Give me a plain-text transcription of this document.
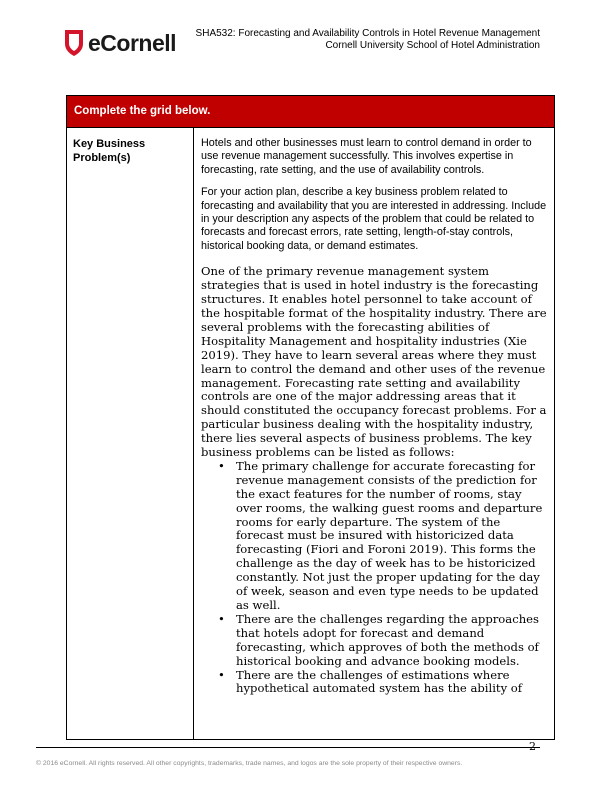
eCornell SHA532: Forecasting and Availability Controls in Hotel Revenue Management
Cornell University School of Hotel Administration
Complete the grid below.
Key Business Problem(s)

Hotels and other businesses must learn to control demand in order to use revenue management successfully. This involves expertise in forecasting, rate setting, and the use of availability controls.

For your action plan, describe a key business problem related to forecasting and availability that you are interested in addressing. Include in your description any aspects of the problem that could be related to forecasts and forecast errors, rate setting, length-of-stay controls, historical booking data, or demand estimates.

One of the primary revenue management system strategies that is used in hotel industry is the forecasting structures. It enables hotel personnel to take account of the hospitable format of the hospitality industry. There are several problems with the forecasting abilities of Hospitality Management and hospitality industries (Xie 2019). They have to learn several areas where they must learn to control the demand and other uses of the revenue management. Forecasting rate setting and availability controls are one of the major addressing areas that it should constituted the occupancy forecast problems. For a particular business dealing with the hospitality industry, there lies several aspects of business problems. The key business problems can be listed as follows:

• The primary challenge for accurate forecasting for revenue management consists of the prediction for the exact features for the number of rooms, stay over rooms, the walking guest rooms and departure rooms for early departure. The system of the forecast must be insured with historicized data forecasting (Fiori and Foroni 2019). This forms the challenge as the day of week has to be historicized constantly. Not just the proper updating for the day of week, season and even type needs to be updated as well.
• There are the challenges regarding the approaches that hotels adopt for forecast and demand forecasting, which approves of both the methods of historical booking and advance booking models.
• There are the challenges of estimations where hypothetical automated system has the ability of
2
© 2016 eCornell. All rights reserved. All other copyrights, trademarks, trade names, and logos are the sole property of their respective owners.
